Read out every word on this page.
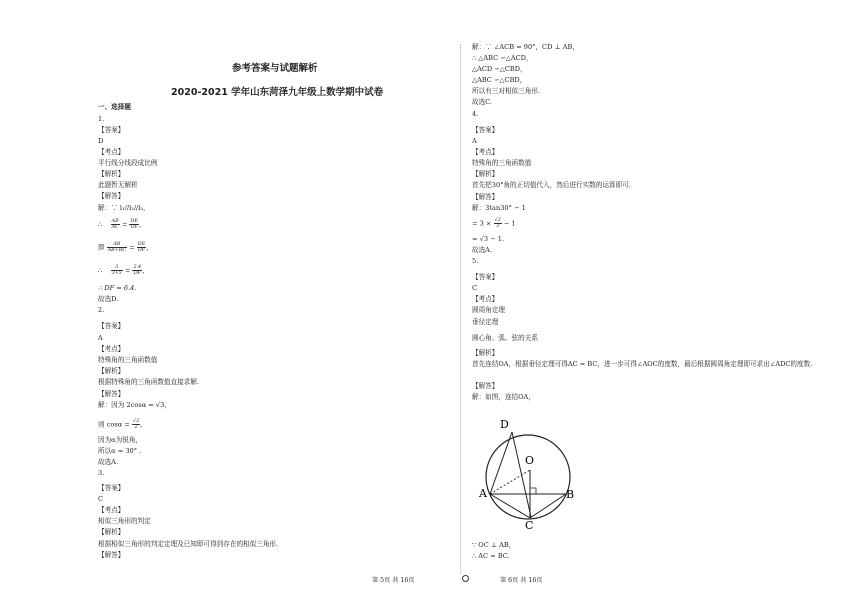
参考答案与试题解析
2020-2021 学年山东菏泽九年级上数学期中试卷
一、选择题
1.
【答案】
D
【考点】
平行线分线段成比例
【解析】
此题暂无解析
【解答】
解：∵ l₁//l₂//l₃，
∴ $\frac{AB}{AC} = \frac{DE}{DF}$ ，
即 $\frac{AB}{AB+BC} = \frac{DE}{DF}$ ，
∴ $\frac{3}{3+5} = \frac{2.4}{DF}$ ，
∴ DF = 6.4.
故选D.
2.
【答案】
A
【考点】
特殊角的三角函数值
【解析】
根据特殊角的三角函数值直接求解.
【解答】
解：因为 2cosα = √3，
则 $\cos\alpha = \frac{√3}{2}$ ，
因为α为锐角，
所以α = 30° .
故选A.
3.
【答案】
C
【考点】
相似三角形的判定
【解析】
根据相似三角形的判定定理及已知即可得到存在的相似三角形.
【解答】
解：∵ ∠ACB = 90°，CD ⊥ AB，
∴ △ABC ∽△ACD，
△ACD ∽△CBD，
△ABC ∽△CBD，
所以有三对相似三角形.
故选C.
4.
【答案】
A
【考点】
特殊角的三角函数值
【解析】
首先把30°角的正切值代入，然后进行实数的运算即可.
【解答】
解：3tan30° − 1
= $3 \times \frac{√3}{3} - 1$
= √3 − 1.
故选A.
5.
【答案】
C
【考点】
圆周角定理
垂径定理
圆心角、弧、弦的关系
【解析】
首先连结OA，根据垂径定理可得AC = BC，进一步可得∠AOC的度数，最后根据圆周角定理即可求出∠ADC的度数.
【解答】
解：如图，连结OA，
∵ OC ⊥ AB，
∴ AC = BC.
D
O
A	B
C
第 5页 共 16页	第 6页 共 16页
